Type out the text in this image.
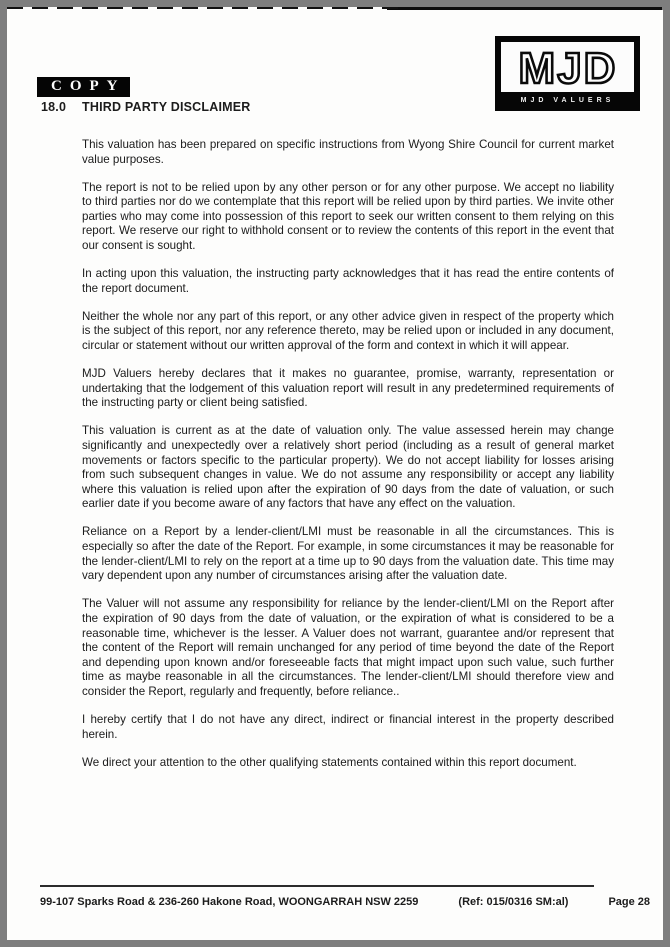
MJD
MJD VALUERS
COPY
18.0	THIRD PARTY DISCLAIMER

This valuation has been prepared on specific instructions from Wyong Shire Council for current market value purposes.

The report is not to be relied upon by any other person or for any other purpose. We accept no liability to third parties nor do we contemplate that this report will be relied upon by third parties. We invite other parties who may come into possession of this report to seek our written consent to them relying on this report. We reserve our right to withhold consent or to review the contents of this report in the event that our consent is sought.

In acting upon this valuation, the instructing party acknowledges that it has read the entire contents of the report document.

Neither the whole nor any part of this report, or any other advice given in respect of the property which is the subject of this report, nor any reference thereto, may be relied upon or included in any document, circular or statement without our written approval of the form and context in which it will appear.

MJD Valuers hereby declares that it makes no guarantee, promise, warranty, representation or undertaking that the lodgement of this valuation report will result in any predetermined requirements of the instructing party or client being satisfied.

This valuation is current as at the date of valuation only. The value assessed herein may change significantly and unexpectedly over a relatively short period (including as a result of general market movements or factors specific to the particular property). We do not accept liability for losses arising from such subsequent changes in value. We do not assume any responsibility or accept any liability where this valuation is relied upon after the expiration of 90 days from the date of valuation, or such earlier date if you become aware of any factors that have any effect on the valuation.

Reliance on a Report by a lender-client/LMI must be reasonable in all the circumstances. This is especially so after the date of the Report. For example, in some circumstances it may be reasonable for the lender-client/LMI to rely on the report at a time up to 90 days from the valuation date. This time may vary dependent upon any number of circumstances arising after the valuation date.

The Valuer will not assume any responsibility for reliance by the lender-client/LMI on the Report after the expiration of 90 days from the date of valuation, or the expiration of what is considered to be a reasonable time, whichever is the lesser. A Valuer does not warrant, guarantee and/or represent that the content of the Report will remain unchanged for any period of time beyond the date of the Report and depending upon known and/or foreseeable facts that might impact upon such value, such further time as maybe reasonable in all the circumstances. The lender-client/LMI should therefore view and consider the Report, regularly and frequently, before reliance..

I hereby certify that I do not have any direct, indirect or financial interest in the property described herein.

We direct your attention to the other qualifying statements contained within this report document.

99-107 Sparks Road & 236-260 Hakone Road, WOONGARRAH NSW 2259	(Ref: 015/0316 SM:al)	Page 28
